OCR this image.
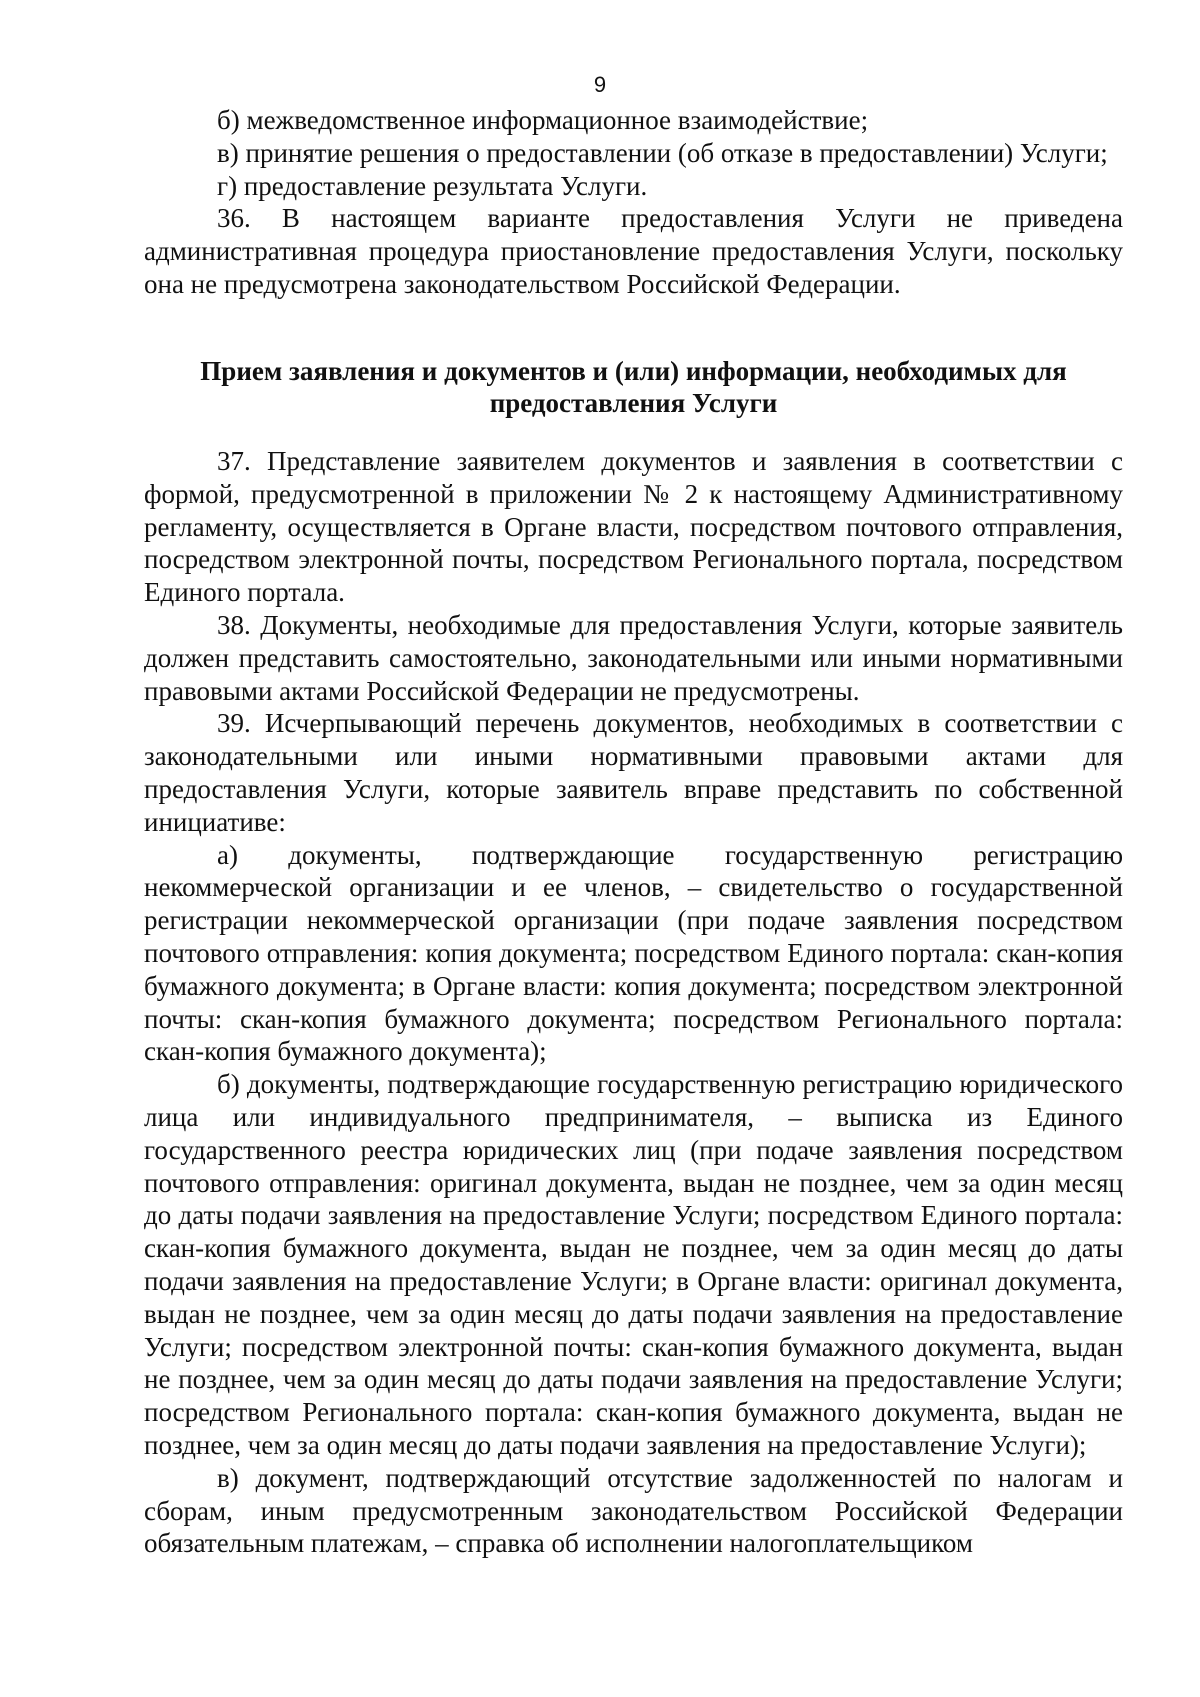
9

б) межведомственное информационное взаимодействие;

в) принятие решения о предоставлении (об отказе в предоставлении) Услуги;

г) предоставление результата Услуги.

36. В настоящем варианте предоставления Услуги не приведена административная процедура приостановление предоставления Услуги, поскольку она не предусмотрена законодательством Российской Федерации.

Прием заявления и документов и (или) информации, необходимых для
предоставления Услуги

37. Представление заявителем документов и заявления в соответствии с формой, предусмотренной в приложении № 2 к настоящему Административному регламенту, осуществляется в Органе власти, посредством почтового отправления, посредством электронной почты, посредством Регионального портала, посредством Единого портала.

38. Документы, необходимые для предоставления Услуги, которые заявитель должен представить самостоятельно, законодательными или иными нормативными правовыми актами Российской Федерации не предусмотрены.

39. Исчерпывающий перечень документов, необходимых в соответствии с законодательными или иными нормативными правовыми актами для предоставления Услуги, которые заявитель вправе представить по собственной инициативе:

а) документы, подтверждающие государственную регистрацию некоммерческой организации и ее членов, – свидетельство о государственной регистрации некоммерческой организации (при подаче заявления посредством почтового отправления: копия документа; посредством Единого портала: скан-копия бумажного документа; в Органе власти: копия документа; посредством электронной почты: скан-копия бумажного документа; посредством Регионального портала: скан-копия бумажного документа);

б) документы, подтверждающие государственную регистрацию юридического лица или индивидуального предпринимателя, – выписка из Единого государственного реестра юридических лиц (при подаче заявления посредством почтового отправления: оригинал документа, выдан не позднее, чем за один месяц до даты подачи заявления на предоставление Услуги; посредством Единого портала: скан-копия бумажного документа, выдан не позднее, чем за один месяц до даты подачи заявления на предоставление Услуги; в Органе власти: оригинал документа, выдан не позднее, чем за один месяц до даты подачи заявления на предоставление Услуги; посредством электронной почты: скан-копия бумажного документа, выдан не позднее, чем за один месяц до даты подачи заявления на предоставление Услуги; посредством Регионального портала: скан-копия бумажного документа, выдан не позднее, чем за один месяц до даты подачи заявления на предоставление Услуги);

в) документ, подтверждающий отсутствие задолженностей по налогам и сборам, иным предусмотренным законодательством Российской Федерации обязательным платежам, – справка об исполнении налогоплательщиком
